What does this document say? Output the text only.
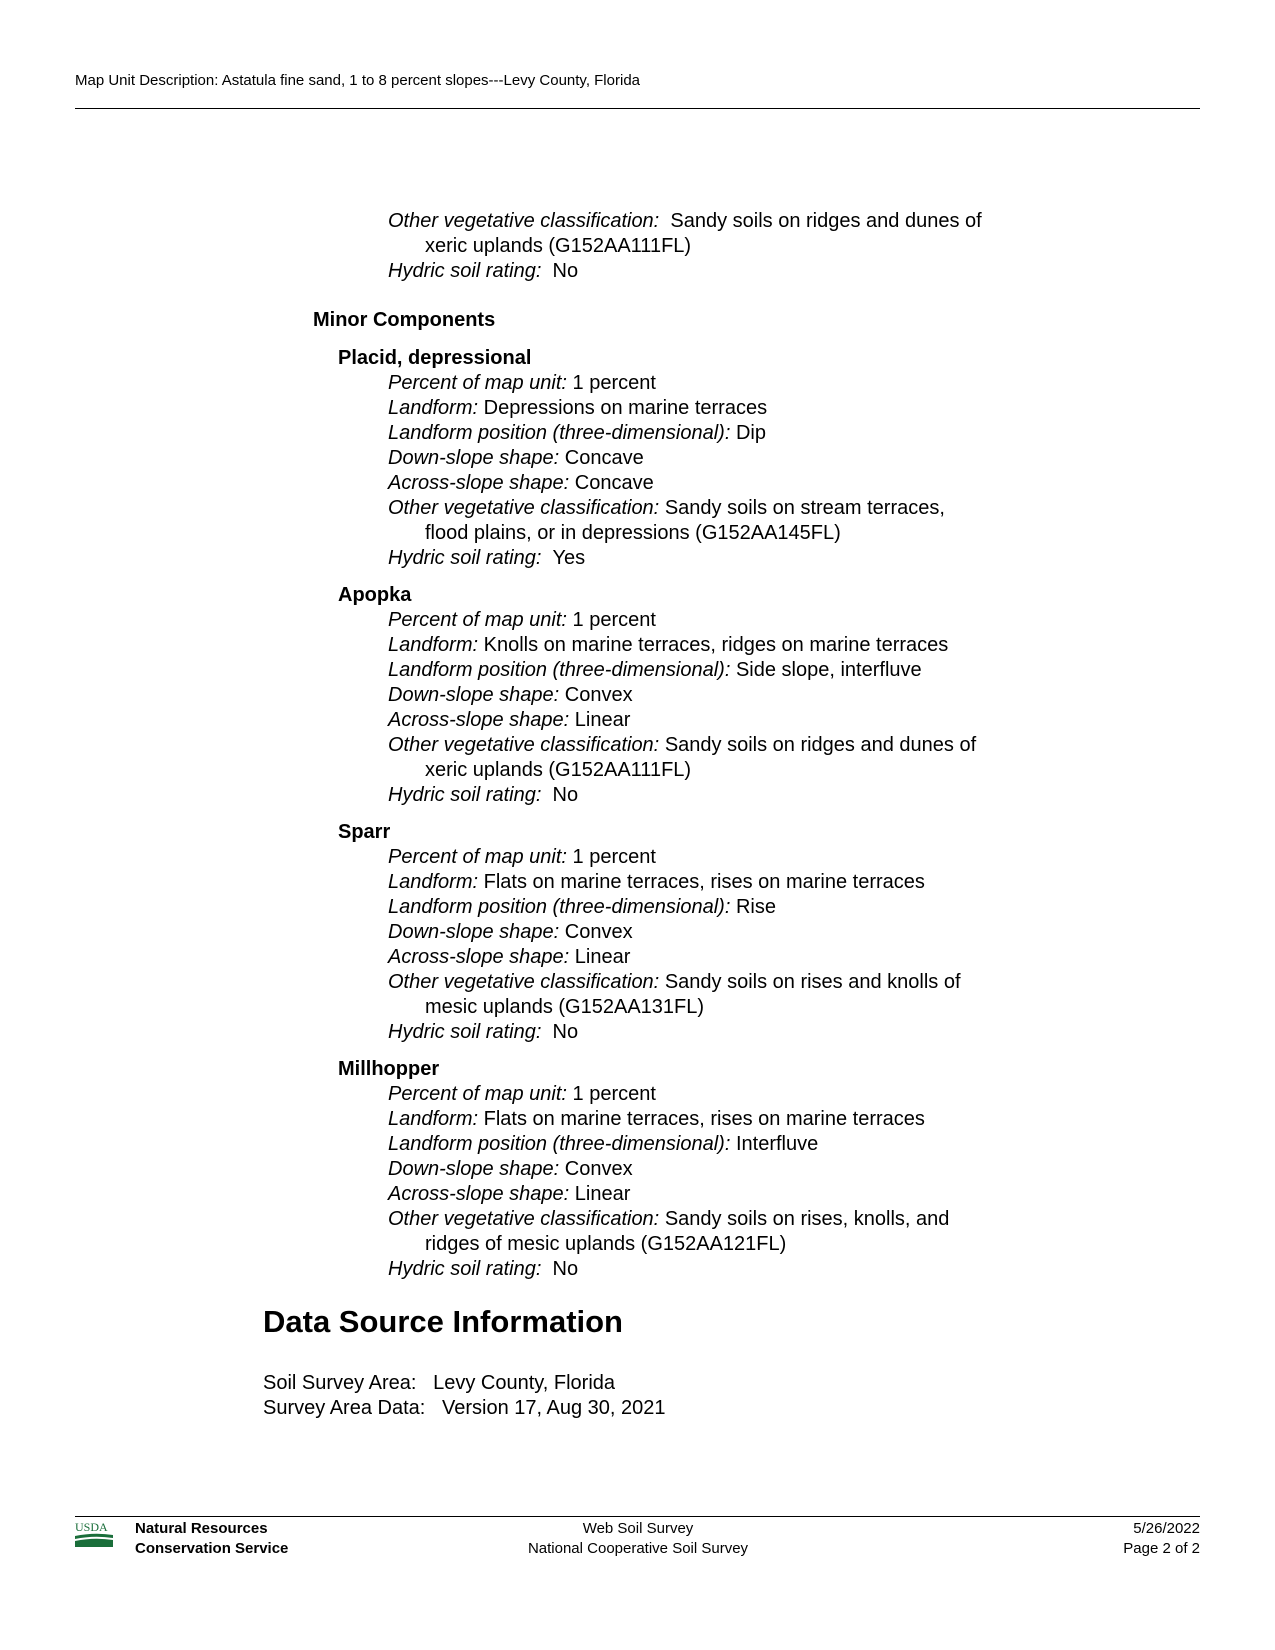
Map Unit Description: Astatula fine sand, 1 to 8 percent slopes---Levy County, Florida
Other vegetative classification: Sandy soils on ridges and dunes of
xeric uplands (G152AA111FL)
Hydric soil rating: No
Minor Components
Placid, depressional
Percent of map unit: 1 percent
Landform: Depressions on marine terraces
Landform position (three-dimensional): Dip
Down-slope shape: Concave
Across-slope shape: Concave
Other vegetative classification: Sandy soils on stream terraces,
flood plains, or in depressions (G152AA145FL)
Hydric soil rating: Yes
Apopka
Percent of map unit: 1 percent
Landform: Knolls on marine terraces, ridges on marine terraces
Landform position (three-dimensional): Side slope, interfluve
Down-slope shape: Convex
Across-slope shape: Linear
Other vegetative classification: Sandy soils on ridges and dunes of
xeric uplands (G152AA111FL)
Hydric soil rating: No
Sparr
Percent of map unit: 1 percent
Landform: Flats on marine terraces, rises on marine terraces
Landform position (three-dimensional): Rise
Down-slope shape: Convex
Across-slope shape: Linear
Other vegetative classification: Sandy soils on rises and knolls of
mesic uplands (G152AA131FL)
Hydric soil rating: No
Millhopper
Percent of map unit: 1 percent
Landform: Flats on marine terraces, rises on marine terraces
Landform position (three-dimensional): Interfluve
Down-slope shape: Convex
Across-slope shape: Linear
Other vegetative classification: Sandy soils on rises, knolls, and
ridges of mesic uplands (G152AA121FL)
Hydric soil rating: No
Data Source Information
Soil Survey Area: Levy County, Florida
Survey Area Data: Version 17, Aug 30, 2021
USDA Natural Resources
Conservation Service
Web Soil Survey
National Cooperative Soil Survey
5/26/2022
Page 2 of 2
